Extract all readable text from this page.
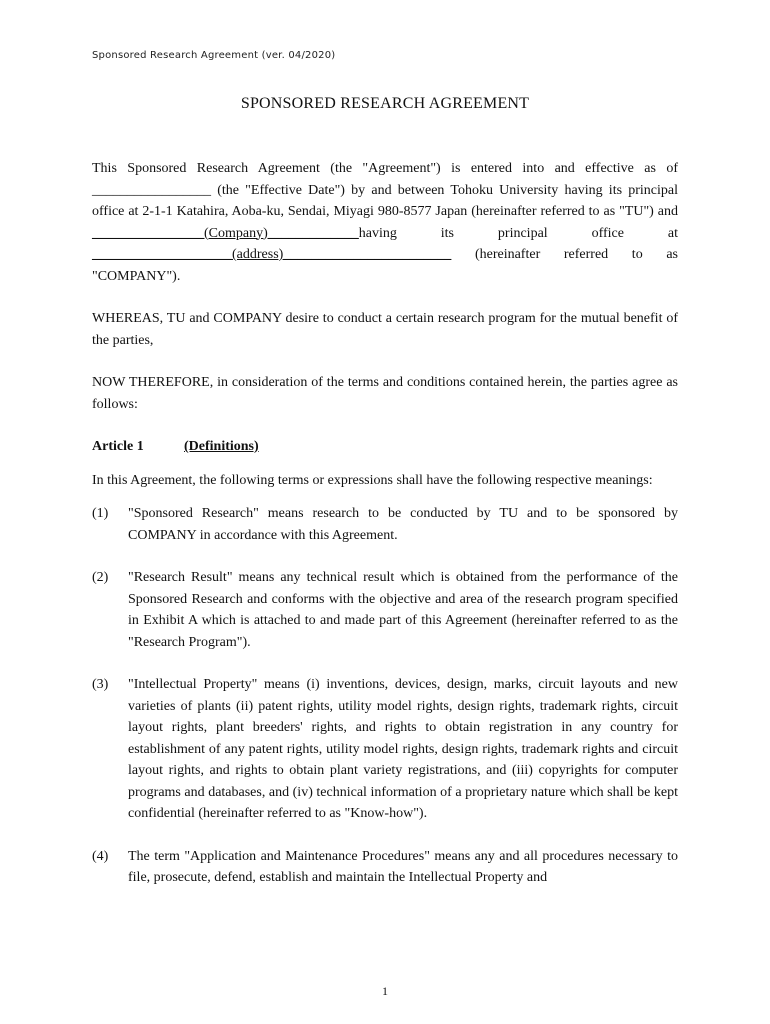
Sponsored Research Agreement (ver. 04/2020)
SPONSORED RESEARCH AGREEMENT

This Sponsored Research Agreement (the "Agreement") is entered into and effective as of _________________ (the "Effective Date") by and between Tohoku University having its principal office at 2-1-1 Katahira, Aoba-ku, Sendai, Miyagi 980-8577 Japan (hereinafter referred to as "TU") and ________________(Company)_____________having its principal office at ____________________(address)________________________ (hereinafter referred to as "COMPANY").

WHEREAS, TU and COMPANY desire to conduct a certain research program for the mutual benefit of the parties,

NOW THEREFORE, in consideration of the terms and conditions contained herein, the parties agree as follows:

Article 1	(Definitions)

In this Agreement, the following terms or expressions shall have the following respective meanings:

(1)	"Sponsored Research" means research to be conducted by TU and to be sponsored by COMPANY in accordance with this Agreement.
(2)	"Research Result" means any technical result which is obtained from the performance of the Sponsored Research and conforms with the objective and area of the research program specified in Exhibit A which is attached to and made part of this Agreement (hereinafter referred to as the "Research Program").
(3)	"Intellectual Property" means (i) inventions, devices, design, marks, circuit layouts and new varieties of plants (ii) patent rights, utility model rights, design rights, trademark rights, circuit layout rights, plant breeders' rights, and rights to obtain registration in any country for establishment of any patent rights, utility model rights, design rights, trademark rights and circuit layout rights, and rights to obtain plant variety registrations, and (iii) copyrights for computer programs and databases, and (iv) technical information of a proprietary nature which shall be kept confidential (hereinafter referred to as "Know-how").
(4)	The term "Application and Maintenance Procedures" means any and all procedures necessary to file, prosecute, defend, establish and maintain the Intellectual Property and
1
